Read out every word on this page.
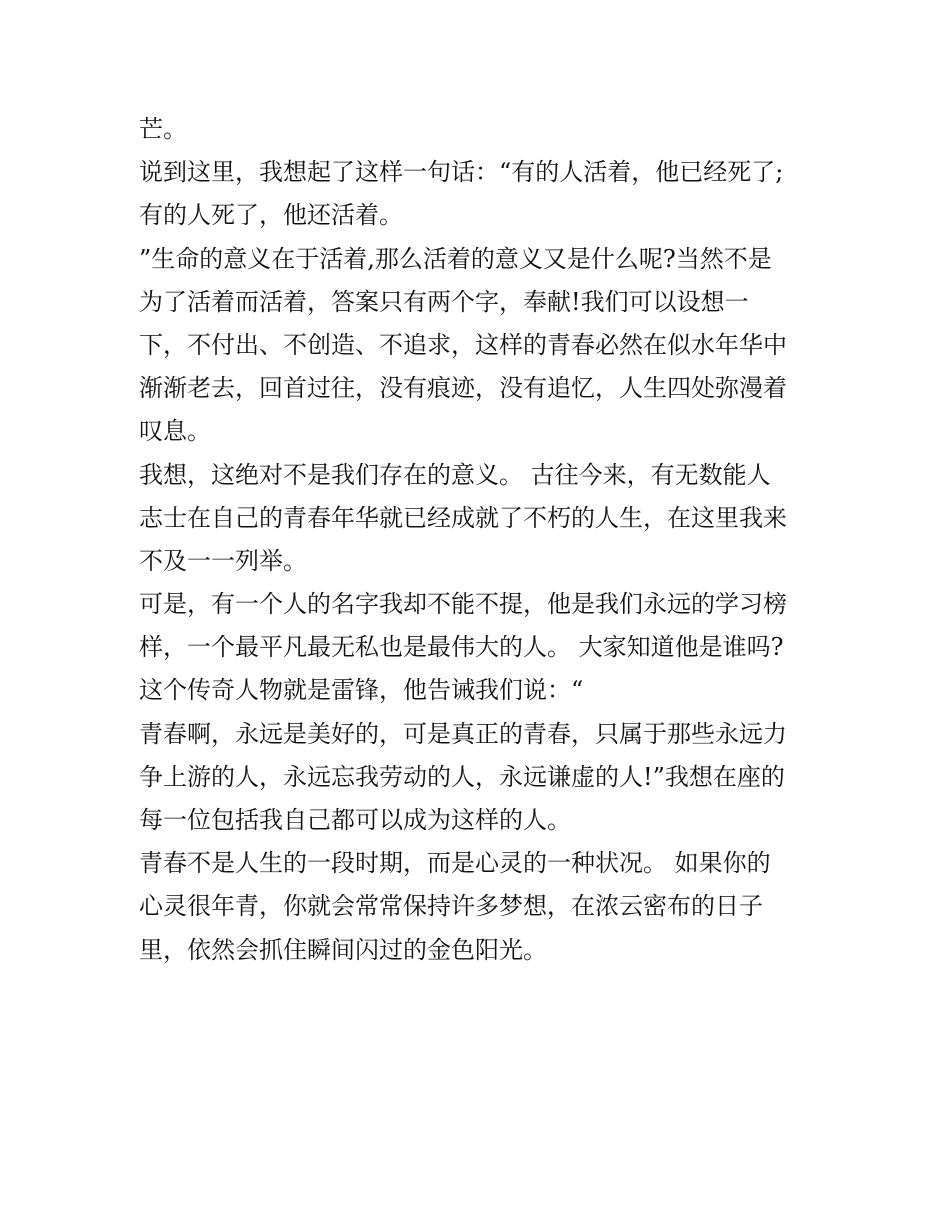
芒。
说到这里，我想起了这样一句话：“有的人活着，他已经死了;
有的人死了，他还活着。
”生命的意义在于活着,那么活着的意义又是什么呢?当然不是
为了活着而活着，答案只有两个字，奉献!我们可以设想一
下，不付出、不创造、不追求，这样的青春必然在似水年华中
渐渐老去，回首过往，没有痕迹，没有追忆，人生四处弥漫着
叹息。
我想，这绝对不是我们存在的意义。 古往今来，有无数能人
志士在自己的青春年华就已经成就了不朽的人生，在这里我来
不及一一列举。
可是，有一个人的名字我却不能不提，他是我们永远的学习榜
样，一个最平凡最无私也是最伟大的人。 大家知道他是谁吗?
这个传奇人物就是雷锋，他告诫我们说：“
青春啊，永远是美好的，可是真正的青春，只属于那些永远力
争上游的人，永远忘我劳动的人，永远谦虚的人!”我想在座的
每一位包括我自己都可以成为这样的人。
青春不是人生的一段时期，而是心灵的一种状况。 如果你的
心灵很年青，你就会常常保持许多梦想，在浓云密布的日子
里，依然会抓住瞬间闪过的金色阳光。
